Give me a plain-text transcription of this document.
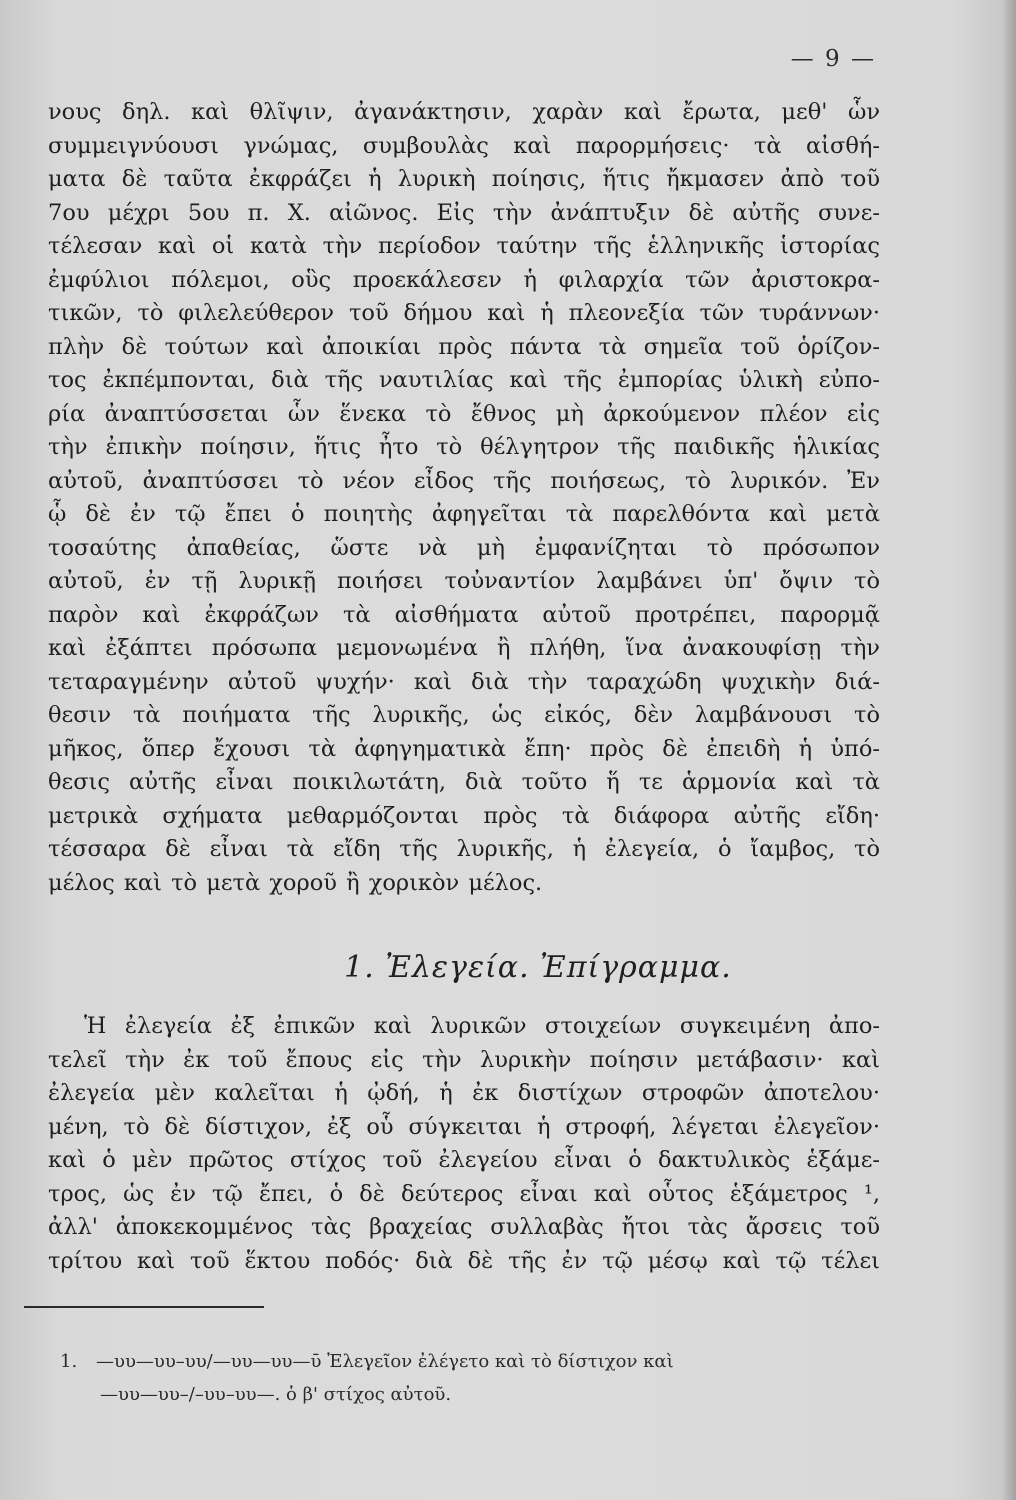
— 9 —
νους δηλ. καὶ θλῖψιν, ἀγανάκτησιν, χαρὰν καὶ ἔρωτα, μεθ' ὧν
συμμειγνύουσι γνώμας, συμβουλὰς καὶ παρορμήσεις· τὰ αἰσθή-
ματα δὲ ταῦτα ἐκφράζει ἡ λυρικὴ ποίησις, ἥτις ἤκμασεν ἀπὸ τοῦ
7ου μέχρι 5ου π. Χ. αἰῶνος. Εἰς τὴν ἀνάπτυξιν δὲ αὐτῆς συνε-
τέλεσαν καὶ οἱ κατὰ τὴν περίοδον ταύτην τῆς ἑλληνικῆς ἱστορίας
ἐμφύλιοι πόλεμοι, οὓς προεκάλεσεν ἡ φιλαρχία τῶν ἀριστοκρα-
τικῶν, τὸ φιλελεύθερον τοῦ δήμου καὶ ἡ πλεονεξία τῶν τυράννων·
πλὴν δὲ τούτων καὶ ἀποικίαι πρὸς πάντα τὰ σημεῖα τοῦ ὁρίζον-
τος ἐκπέμπονται, διὰ τῆς ναυτιλίας καὶ τῆς ἐμπορίας ὑλικὴ εὐπο-
ρία ἀναπτύσσεται ὧν ἕνεκα τὸ ἔθνος μὴ ἀρκούμενον πλέον εἰς
τὴν ἐπικὴν ποίησιν, ἥτις ἦτο τὸ θέλγητρον τῆς παιδικῆς ἡλικίας
αὐτοῦ, ἀναπτύσσει τὸ νέον εἶδος τῆς ποιήσεως, τὸ λυρικόν. Ἐν
ᾧ δὲ ἐν τῷ ἔπει ὁ ποιητὴς ἀφηγεῖται τὰ παρελθόντα καὶ μετὰ
τοσαύτης ἀπαθείας, ὥστε νὰ μὴ ἐμφανίζηται τὸ πρόσωπον
αὐτοῦ, ἐν τῇ λυρικῇ ποιήσει τοὐναντίον λαμβάνει ὑπ' ὄψιν τὸ
παρὸν καὶ ἐκφράζων τὰ αἰσθήματα αὐτοῦ προτρέπει, παρορμᾷ
καὶ ἐξάπτει πρόσωπα μεμονωμένα ἢ πλήθη, ἵνα ἀνακουφίσῃ τὴν
τεταραγμένην αὐτοῦ ψυχήν· καὶ διὰ τὴν ταραχώδη ψυχικὴν διά-
θεσιν τὰ ποιήματα τῆς λυρικῆς, ὡς εἰκός, δὲν λαμβάνουσι τὸ
μῆκος, ὅπερ ἔχουσι τὰ ἀφηγηματικὰ ἔπη· πρὸς δὲ ἐπειδὴ ἡ ὑπό-
θεσις αὐτῆς εἶναι ποικιλωτάτη, διὰ τοῦτο ἥ τε ἁρμονία καὶ τὰ
μετρικὰ σχήματα μεθαρμόζονται πρὸς τὰ διάφορα αὐτῆς εἴδη·
τέσσαρα δὲ εἶναι τὰ εἴδη τῆς λυρικῆς, ἡ ἐλεγεία, ὁ ἴαμβος, τὸ
μέλος καὶ τὸ μετὰ χοροῦ ἢ χορικὸν μέλος.
1. Ἐλεγεία. Ἐπίγραμμα.
Ἡ ἐλεγεία ἐξ ἐπικῶν καὶ λυρικῶν στοιχείων συγκειμένη ἀπο-
τελεῖ τὴν ἐκ τοῦ ἔπους εἰς τὴν λυρικὴν ποίησιν μετάβασιν· καὶ
ἐλεγεία μὲν καλεῖται ἡ ᾠδή, ἡ ἐκ διστίχων στροφῶν ἀποτελου·
μένη, τὸ δὲ δίστιχον, ἐξ οὗ σύγκειται ἡ στροφή, λέγεται ἐλεγεῖον·
καὶ ὁ μὲν πρῶτος στίχος τοῦ ἐλεγείου εἶναι ὁ δακτυλικὸς ἑξάμε-
τρος, ὡς ἐν τῷ ἔπει, ὁ δὲ δεύτερος εἶναι καὶ οὗτος ἑξάμετρος ¹,
ἀλλ' ἀποκεκομμένος τὰς βραχείας συλλαβὰς ἤτοι τὰς ἄρσεις τοῦ
τρίτου καὶ τοῦ ἕκτου ποδός· διὰ δὲ τῆς ἐν τῷ μέσῳ καὶ τῷ τέλει
1. —υυ—υυ–υυ/—υυ—υυ—ῡ Ἐλεγεῖον ἐλέγετο καὶ τὸ δίστιχον καὶ
—υυ—υυ–/–υυ–υυ—. ὁ β' στίχος αὐτοῦ.
